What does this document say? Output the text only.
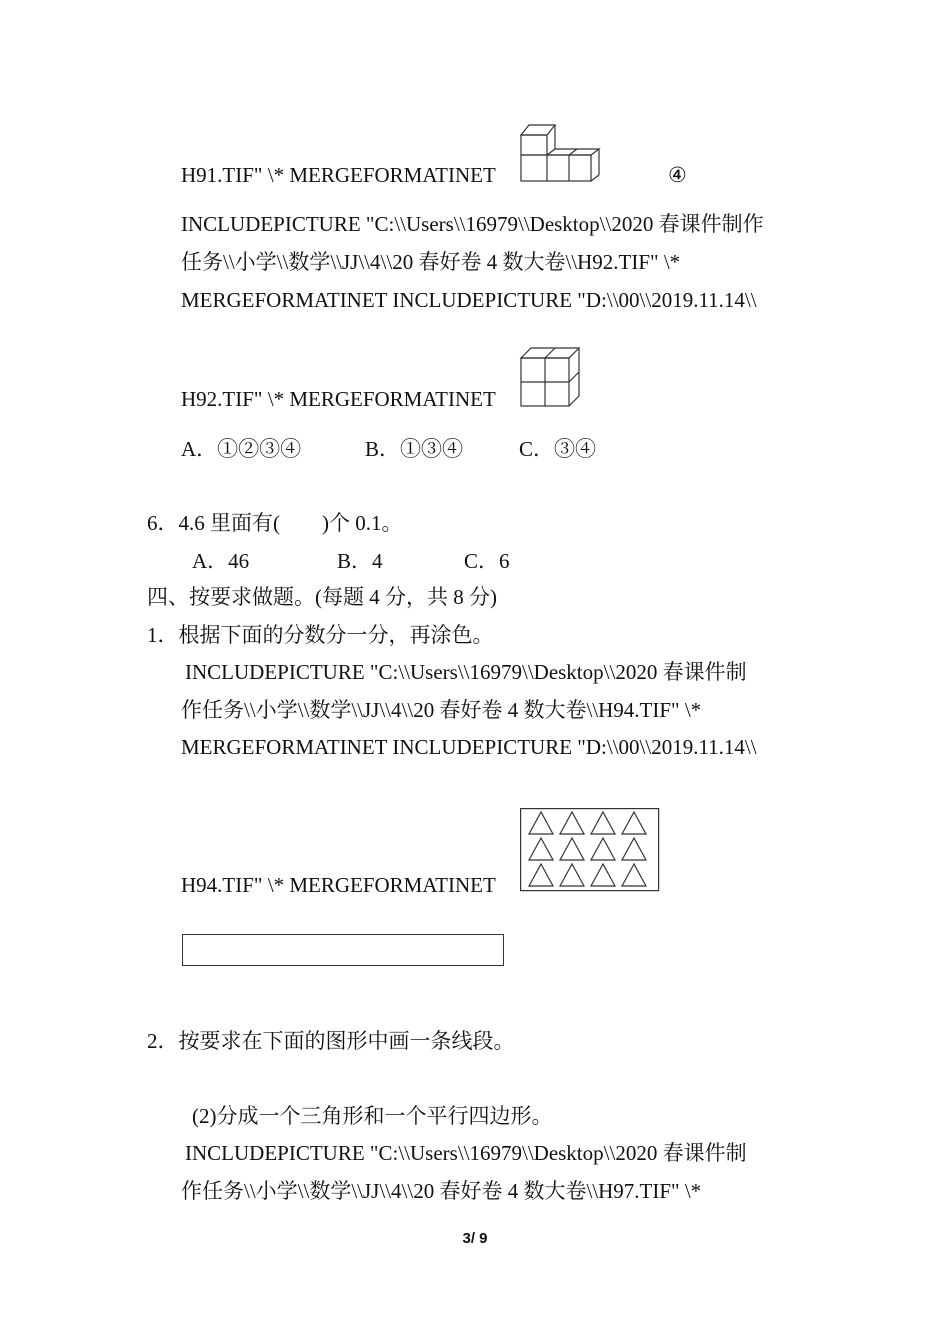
H91.TIF" \* MERGEFORMATINET	④
INCLUDEPICTURE "C:\\Users\\16979\\Desktop\\2020 春课件制作
任务\\小学\\数学\\JJ\\4\\20 春好卷 4 数大卷\\H92.TIF" \*
MERGEFORMATINET INCLUDEPICTURE "D:\\00\\2019.11.14\\
H92.TIF" \* MERGEFORMATINET
A．①②③④	B．①③④	C．③④
6．4.6 里面有(　　)个 0.1。
A．46	B．4	C．6
四、按要求做题。(每题 4 分，共 8 分)
1．根据下面的分数分一分，再涂色。
INCLUDEPICTURE "C:\\Users\\16979\\Desktop\\2020 春课件制
作任务\\小学\\数学\\JJ\\4\\20 春好卷 4 数大卷\\H94.TIF" \*
MERGEFORMATINET INCLUDEPICTURE "D:\\00\\2019.11.14\\
H94.TIF" \* MERGEFORMATINET
2．按要求在下面的图形中画一条线段。
(2)分成一个三角形和一个平行四边形。
INCLUDEPICTURE "C:\\Users\\16979\\Desktop\\2020 春课件制
作任务\\小学\\数学\\JJ\\4\\20 春好卷 4 数大卷\\H97.TIF" \*
3/ 9
